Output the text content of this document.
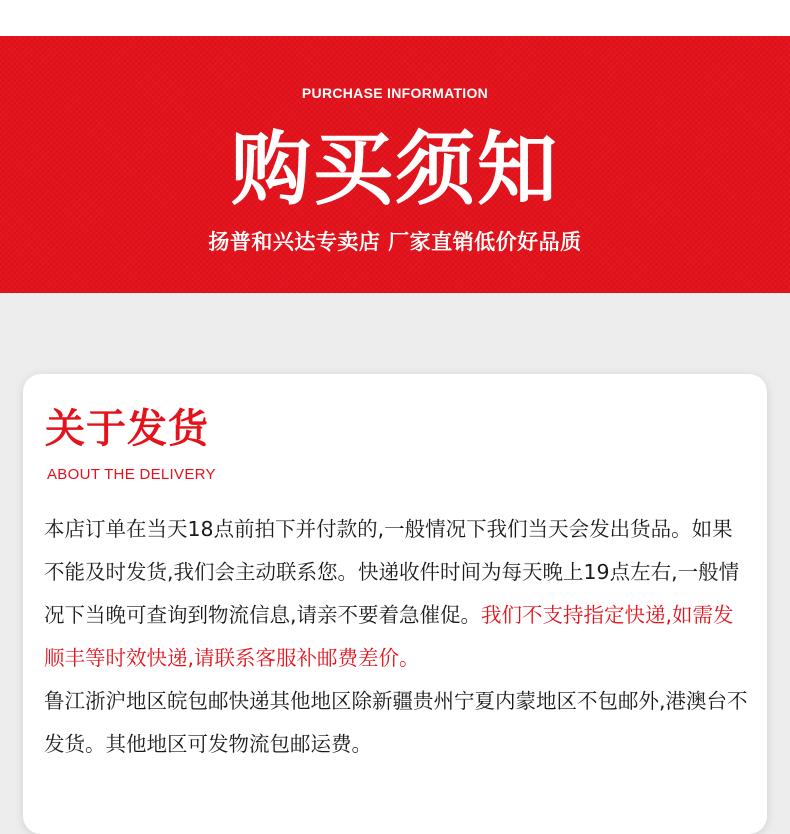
PURCHASE INFORMATION
购买须知
扬普和兴达专卖店 厂家直销低价好品质
关于发货
ABOUT THE DELIVERY

本店订单在当天18点前拍下并付款的,一般情况下我们当天会发出货品。如果不能及时发货,我们会主动联系您。快递收件时间为每天晚上19点左右,一般情况下当晚可查询到物流信息,请亲不要着急催促。我们不支持指定快递,如需发顺丰等时效快递,请联系客服补邮费差价。

鲁江浙沪地区皖包邮快递其他地区除新疆贵州宁夏内蒙地区不包邮外,港澳台不发货。其他地区可发物流包邮运费。
